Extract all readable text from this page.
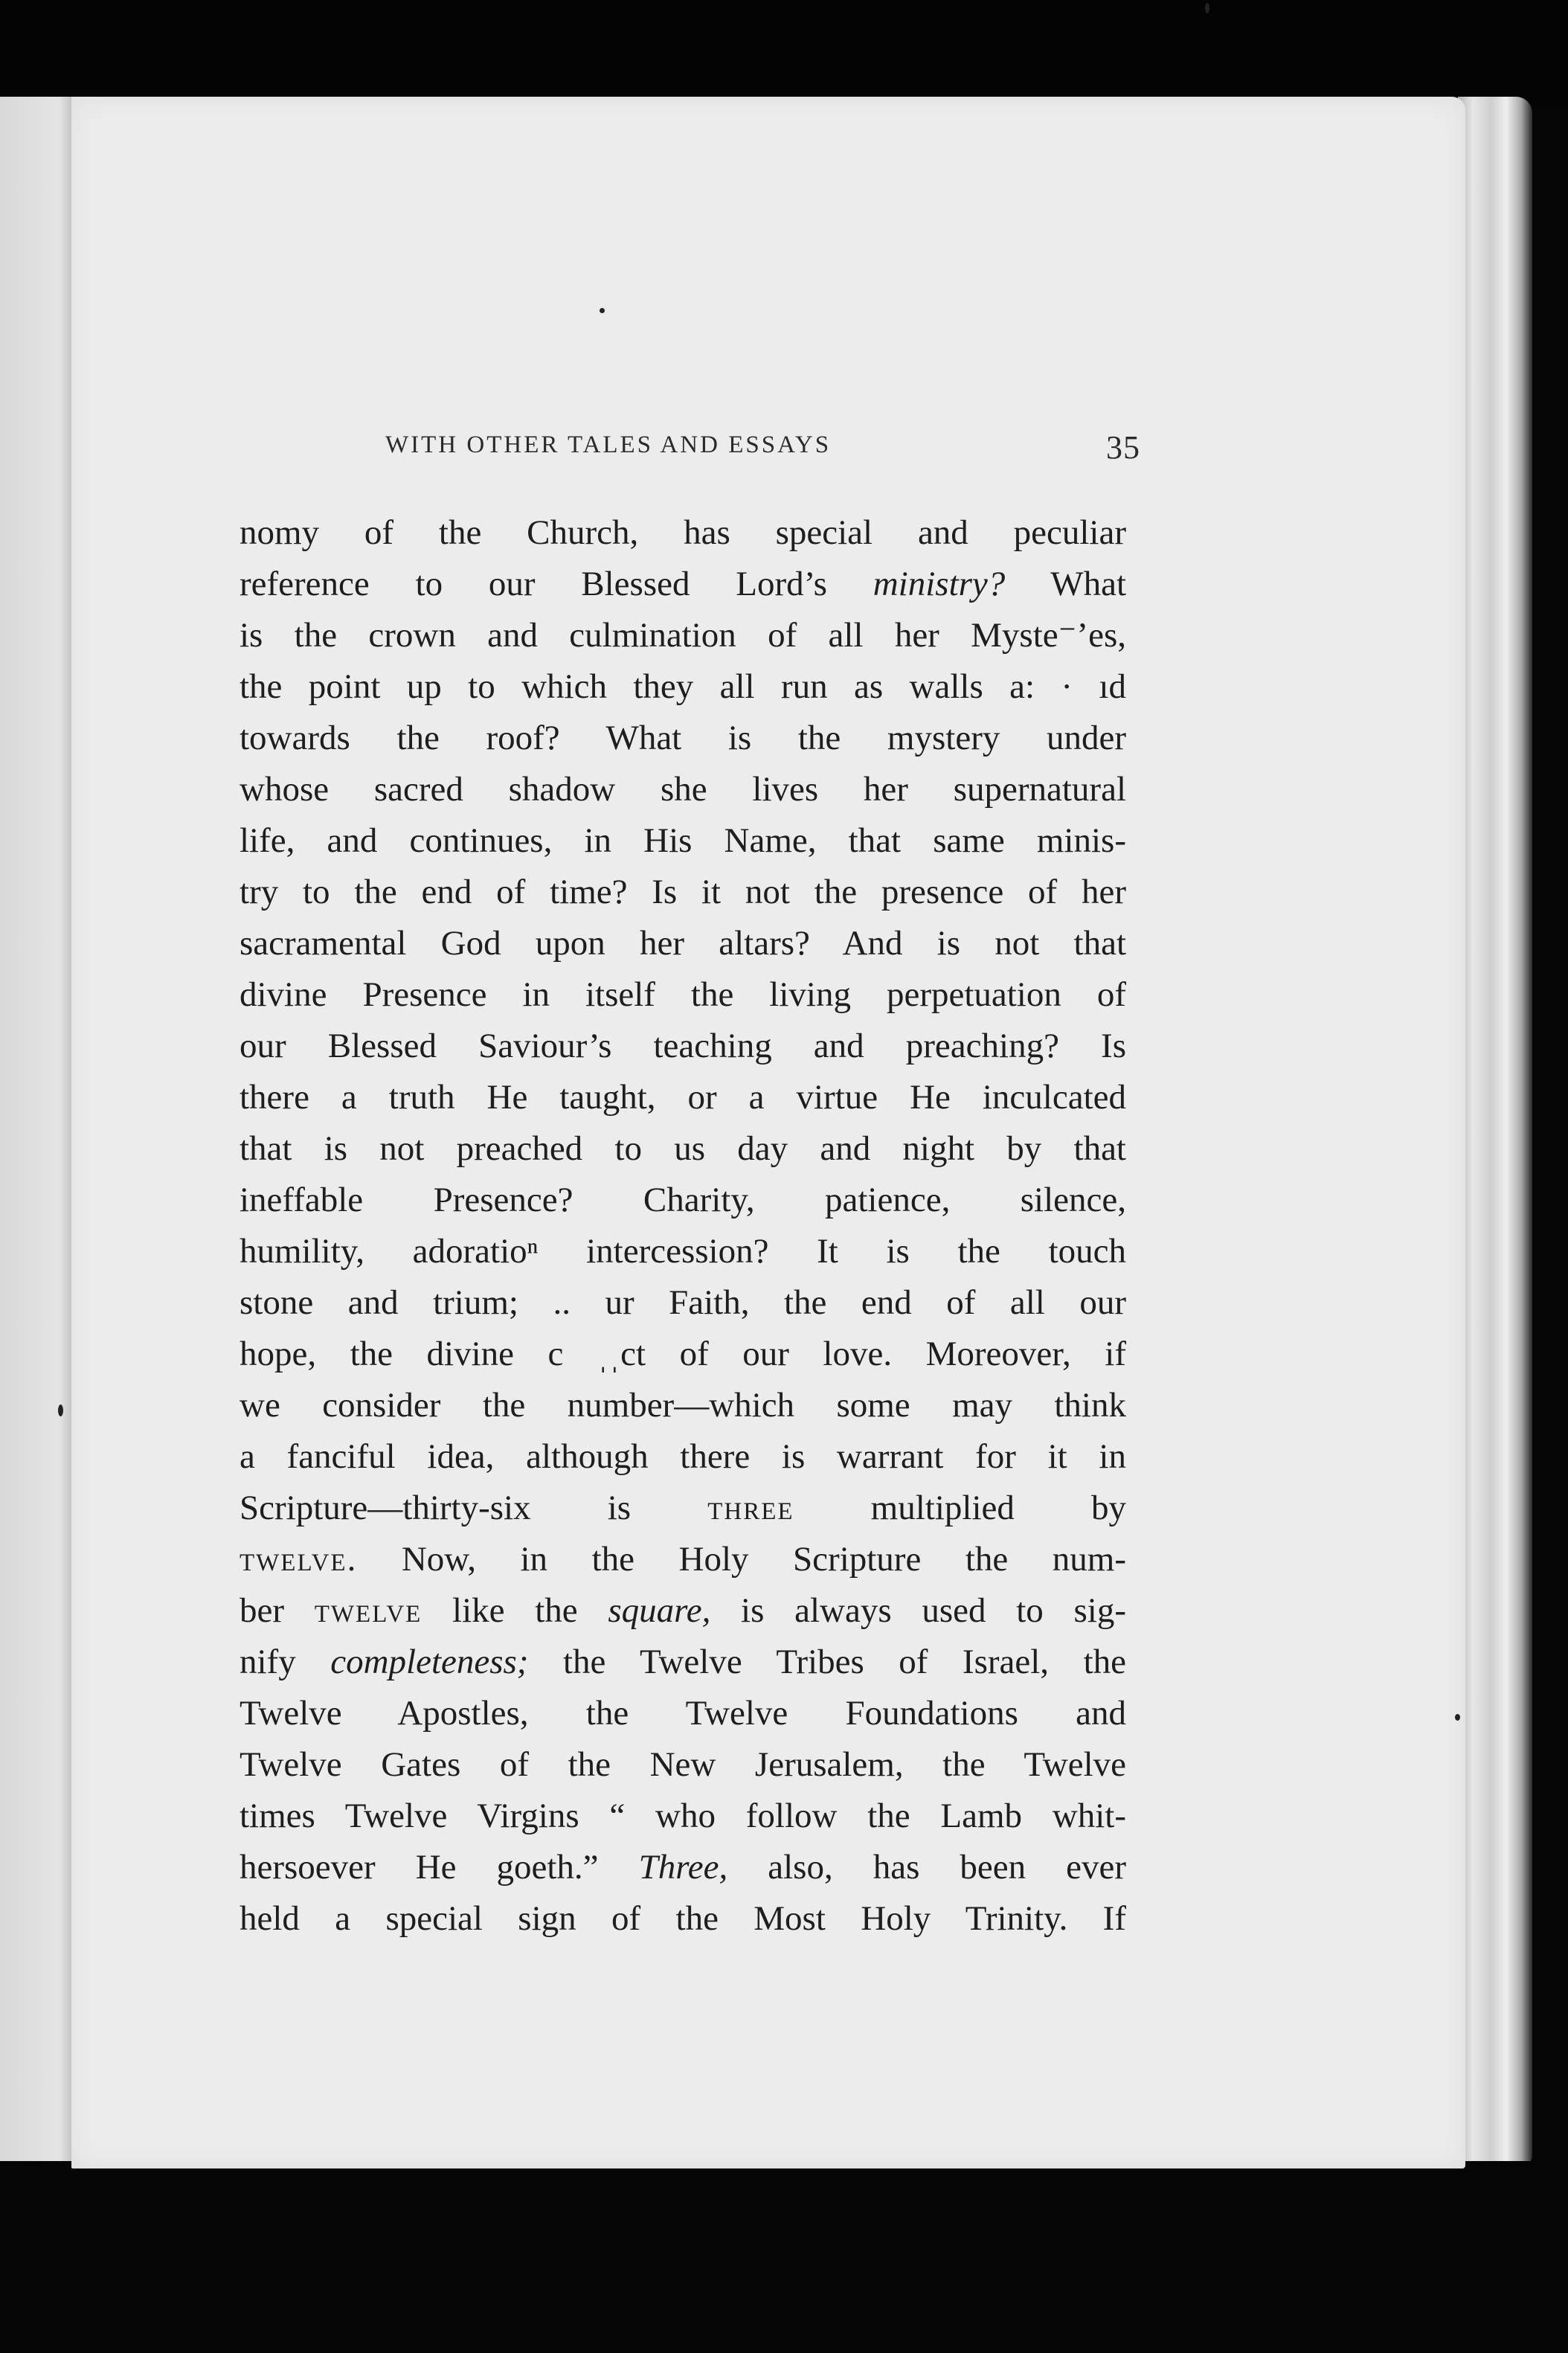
WITH OTHER TALES AND ESSAYS	35
nomy of the Church, has special and peculiar
reference to our Blessed Lord’s ministry? What
is the crown and culmination of all her Myste⁻ʼes,
the point up to which they all run as walls a: · ıd
towards the roof? What is the mystery under
whose sacred shadow she lives her supernatural
life, and continues, in His Name, that same minis-
try to the end of time? Is it not the presence of her
sacramental God upon her altars? And is not that
divine Presence in itself the living perpetuation of
our Blessed Saviour’s teaching and preaching? Is
there a truth He taught, or a virtue He inculcated
that is not preached to us day and night by that
ineffable Presence? Charity, patience, silence,
humility, adoratioⁿ intercession? It is the touch
stone and trium; .. ur Faith, the end of all our
hope, the divine c ˌˌct of our love. Moreover, if
we consider the number—which some may think
a fanciful idea, although there is warrant for it in
Scripture—thirty-six is three multiplied by
twelve. Now, in the Holy Scripture the num-
ber twelve like the square, is always used to sig-
nify completeness; the Twelve Tribes of Israel, the
Twelve Apostles, the Twelve Foundations and
Twelve Gates of the New Jerusalem, the Twelve
times Twelve Virgins “ who follow the Lamb whit-
hersoever He goeth.” Three, also, has been ever
held a special sign of the Most Holy Trinity. If
